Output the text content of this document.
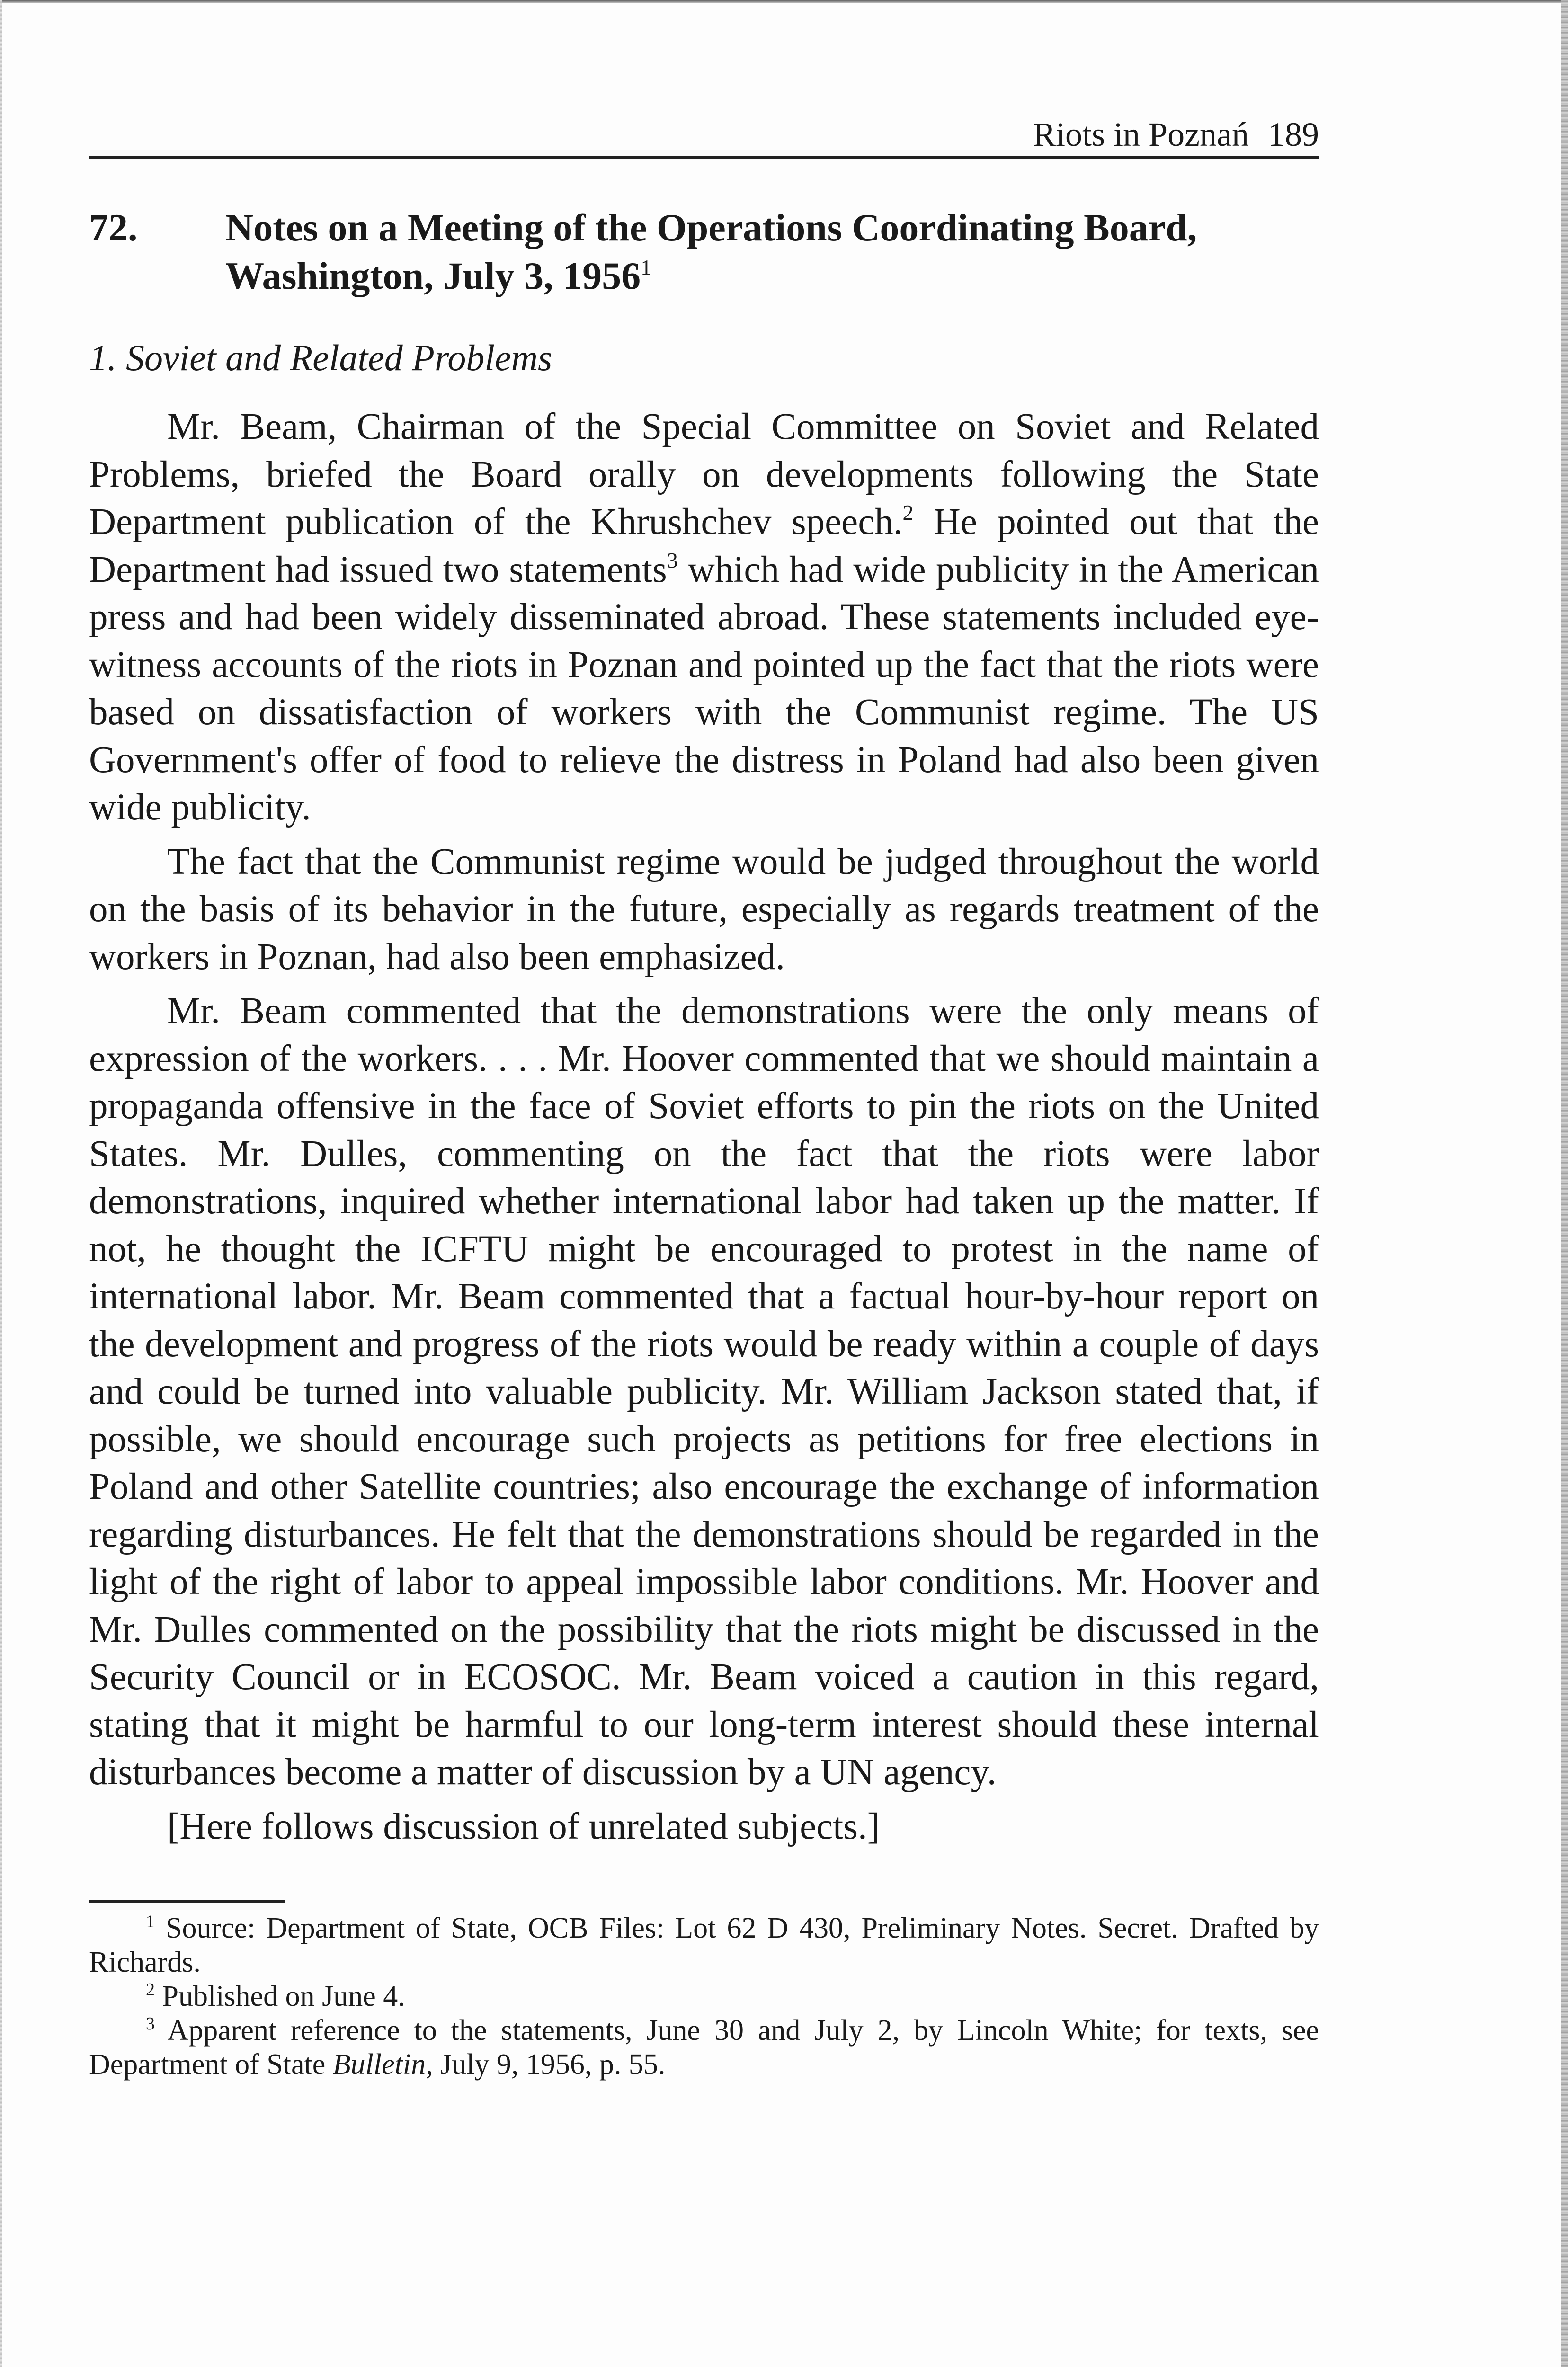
Riots in Poznań 189
72. Notes on a Meeting of the Operations Coordinating Board,
Washington, July 3, 1956$^1$
1. Soviet and Related Problems

Mr. Beam, Chairman of the Special Committee on Soviet and Related Problems, briefed the Board orally on developments following the State Department publication of the Khrushchev speech.$^2$ He pointed out that the Department had issued two statements$^3$ which had wide publicity in the American press and had been widely disseminated abroad. These statements included eye-witness accounts of the riots in Poznan and pointed up the fact that the riots were based on dissatisfaction of workers with the Communist regime. The US Government's offer of food to relieve the distress in Poland had also been given wide publicity.

The fact that the Communist regime would be judged throughout the world on the basis of its behavior in the future, especially as regards treatment of the workers in Poznan, had also been emphasized.

Mr. Beam commented that the demonstrations were the only means of expression of the workers. . . . Mr. Hoover commented that we should maintain a propaganda offensive in the face of Soviet efforts to pin the riots on the United States. Mr. Dulles, commenting on the fact that the riots were labor demonstrations, inquired whether international labor had taken up the matter. If not, he thought the ICFTU might be encouraged to protest in the name of international labor. Mr. Beam commented that a factual hour-by-hour report on the development and progress of the riots would be ready within a couple of days and could be turned into valuable publicity. Mr. William Jackson stated that, if possible, we should encourage such projects as petitions for free elections in Poland and other Satellite countries; also encourage the exchange of information regarding disturbances. He felt that the demonstrations should be regarded in the light of the right of labor to appeal impossible labor conditions. Mr. Hoover and Mr. Dulles commented on the possibility that the riots might be discussed in the Security Council or in ECOSOC. Mr. Beam voiced a caution in this regard, stating that it might be harmful to our long-term interest should these internal disturbances become a matter of discussion by a UN agency.

[Here follows discussion of unrelated subjects.]

$^1$ Source: Department of State, OCB Files: Lot 62 D 430, Preliminary Notes. Secret. Drafted by Richards.

$^2$ Published on June 4.

$^3$ Apparent reference to the statements, June 30 and July 2, by Lincoln White; for texts, see Department of State Bulletin, July 9, 1956, p. 55.
